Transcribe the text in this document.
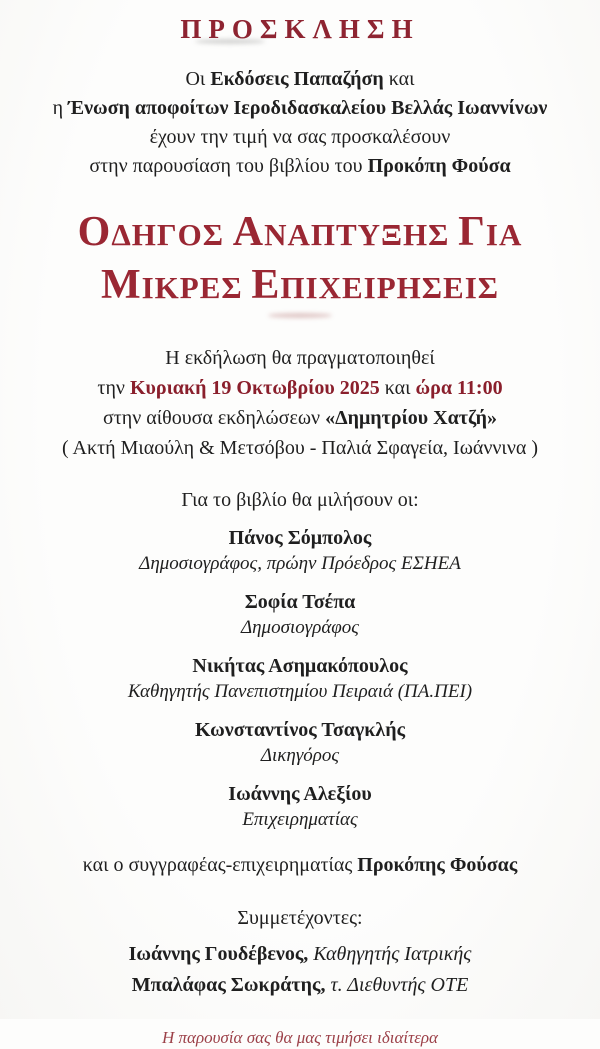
ΠΡΟΣΚΛΗΣΗ

Οι Εκδόσεις Παπαζήση και

η Ένωση αποφοίτων Ιεροδιδασκαλείου Βελλάς Ιωαννίνων

έχουν την τιμή να σας προσκαλέσουν

στην παρουσίαση του βιβλίου του Προκόπη Φούσα

ΟΔΗΓΟΣ ΑΝΑΠΤΥΞΗΣ ΓΙΑ
ΜΙΚΡΕΣ ΕΠΙΧΕΙΡΗΣΕΙΣ

Η εκδήλωση θα πραγματοποιηθεί

την Κυριακή 19 Οκτωβρίου 2025 και ώρα 11:00

στην αίθουσα εκδηλώσεων «Δημητρίου Χατζή»

( Ακτή Μιαούλη & Μετσόβου - Παλιά Σφαγεία, Ιωάννινα )

Για το βιβλίο θα μιλήσουν οι:

Πάνος Σόμπολος
Δημοσιογράφος, πρώην Πρόεδρος ΕΣΗΕΑ
Σοφία Τσέπα
Δημοσιογράφος
Νικήτας Ασημακόπουλος
Καθηγητής Πανεπιστημίου Πειραιά (ΠΑ.ΠΕΙ)
Κωνσταντίνος Τσαγκλής
Δικηγόρος
Ιωάννης Αλεξίου
Επιχειρηματίας

και ο συγγραφέας-επιχειρηματίας Προκόπης Φούσας

Συμμετέχοντες:

Ιωάννης Γουδέβενος, Καθηγητής Ιατρικής
Μπαλάφας Σωκράτης, τ. Διεθυντής ΟΤΕ

Η παρουσία σας θα μας τιμήσει ιδιαίτερα
